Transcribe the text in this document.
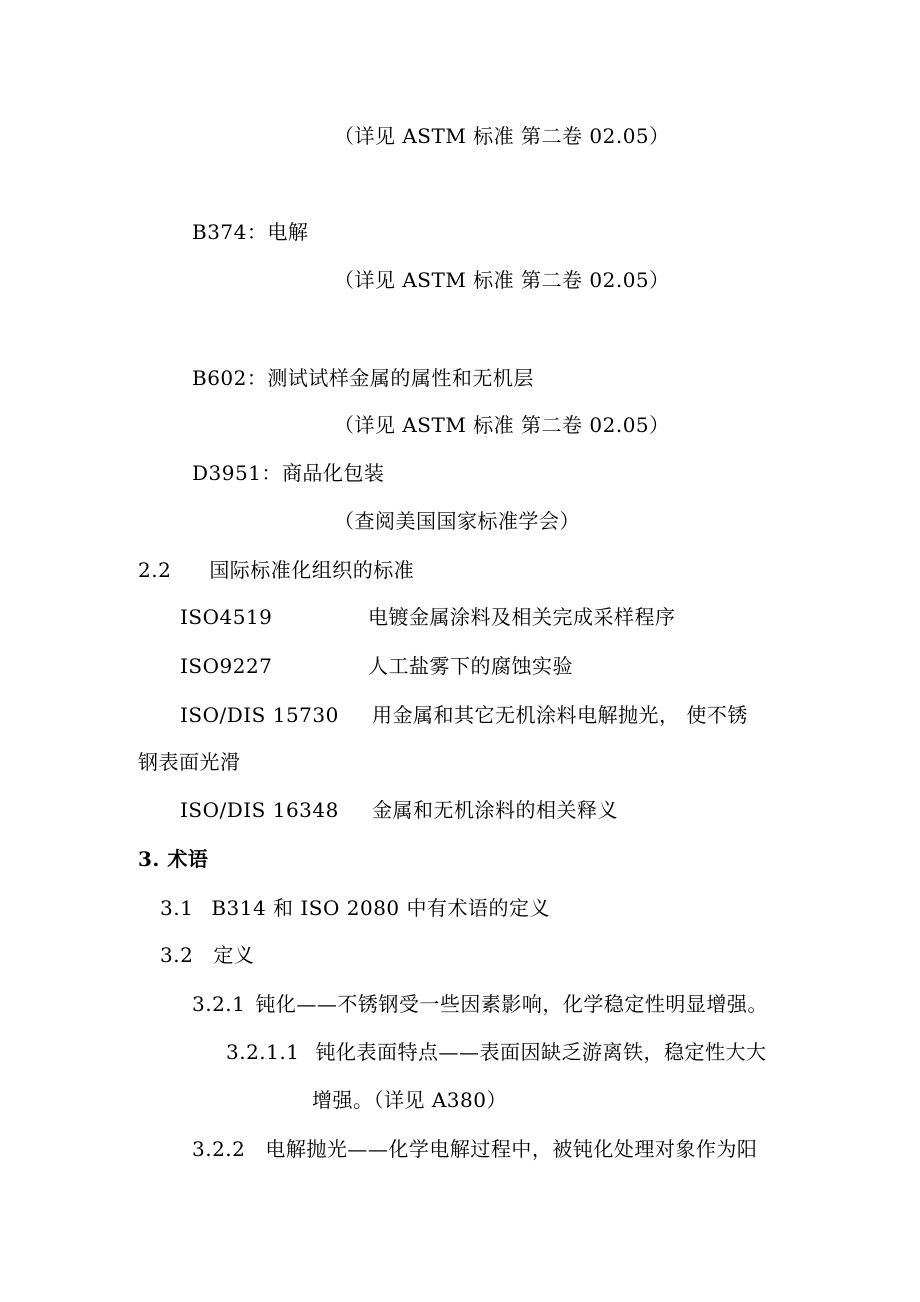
（详见 ASTM 标准 第二卷 02.05）
B374：电解
（详见 ASTM 标准 第二卷 02.05）
B602：测试试样金属的属性和无机层
（详见 ASTM 标准 第二卷 02.05）
D3951：商品化包装
（查阅美国国家标准学会）
2.2 国际标准化组织的标准
ISO4519	电镀金属涂料及相关完成采样程序
ISO9227	人工盐雾下的腐蚀实验
ISO/DIS 15730 用金属和其它无机涂料电解抛光， 使不锈
钢表面光滑
ISO/DIS 16348 金属和无机涂料的相关释义
3. 术语
3.1 B314 和 ISO 2080 中有术语的定义
3.2 定义
3.2.1 钝化——不锈钢受一些因素影响，化学稳定性明显增强。
3.2.1.1 钝化表面特点——表面因缺乏游离铁，稳定性大大
增强。（详见 A380）
3.2.2 电解抛光——化学电解过程中，被钝化处理对象作为阳
